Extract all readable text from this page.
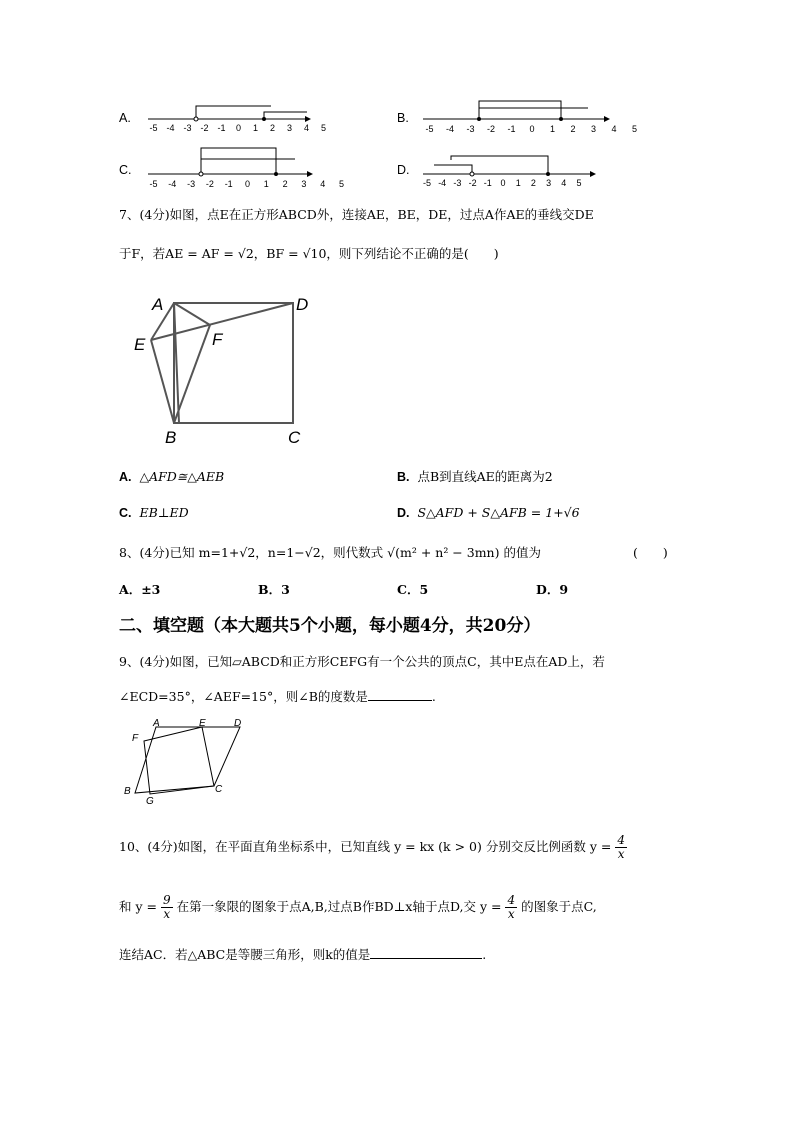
A.
-5 -4 -3 -2 -1 0 1 2 3 4 5
B.
-5 -4 -3 -2 -1 0 1 2 3 4 5
C.
-5 -4 -3 -2 -1 0 1 2 3 4 5
D.
-5 -4 -3 -2 -1 0 1 2 3 4 5
7、(4分)如图，点E在正方形ABCD外，连接AE，BE，DE，过点A作AE的垂线交DE
于F，若AE = AF = √2，BF = √10，则下列结论不正确的是(　　)
A	D
E	F
B	C
A. △AFD≅△AEB	B. 点B到直线AE的距离为2
C. EB⊥ED	D. S△AFD + S△AFB = 1+√6
8、(4分)已知 m=1+√2，n=1−√2，则代数式 √(m² + n² − 3mn) 的值为	(　　)
A．±3	B．3	C．5	D．9
二、填空题（本大题共5个小题，每小题4分，共20分）
9、(4分)如图，已知▱ABCD和正方形CEFG有一个公共的顶点C，其中E点在AD上，若
∠ECD=35°，∠AEF=15°，则∠B的度数是	.
A	E	D
F
B
G
C
10、(4分)如图，在平面直角坐标系中，已知直线 y = kx (k > 0) 分别交反比例函数 $y = \frac{4}{x}$
和 $y = \frac{9}{x}$ 在第一象限的图象于点A,B,过点B作BD⊥x轴于点D,交 $y = \frac{4}{x}$ 的图象于点C,
连结AC．若△ABC是等腰三角形，则k的值是	.
